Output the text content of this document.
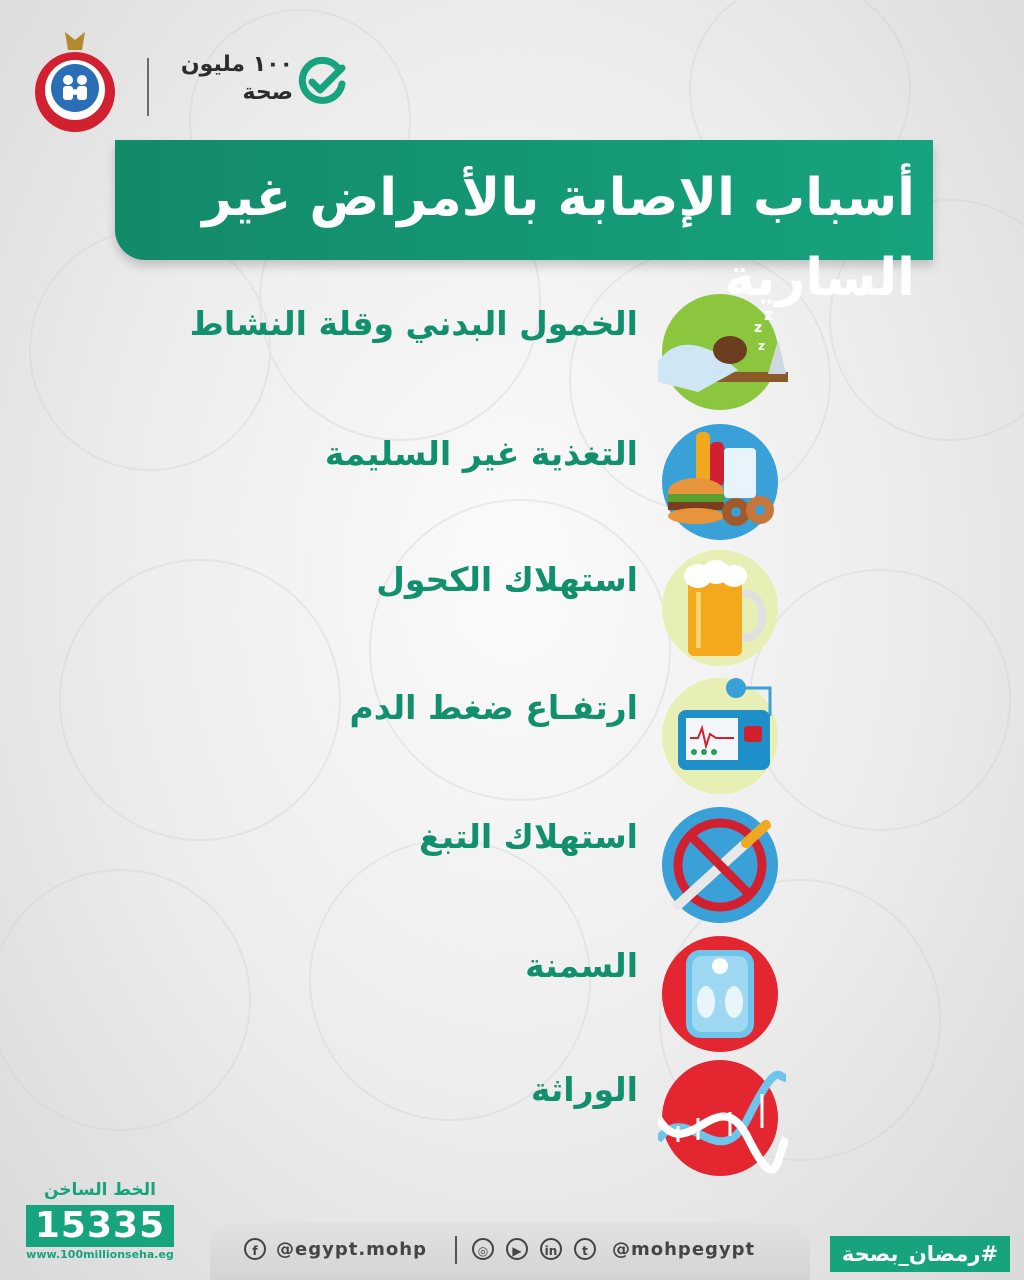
١٠٠ مليون
صحة
أسباب الإصابة بالأمراض غير السارية
الخمول البدني وقلة النشاط	z
z
z
التغذية غير السليمة
استهلاك الكحول
ارتفـاع ضغط الدم
استهلاك التبغ
السمنة
الوراثة
الخط الساخن
15335
www.100millionseha.eg	f	@egypt.mohp	◎	▶	in	t	@mohpegypt	#رمضان_بصحة
